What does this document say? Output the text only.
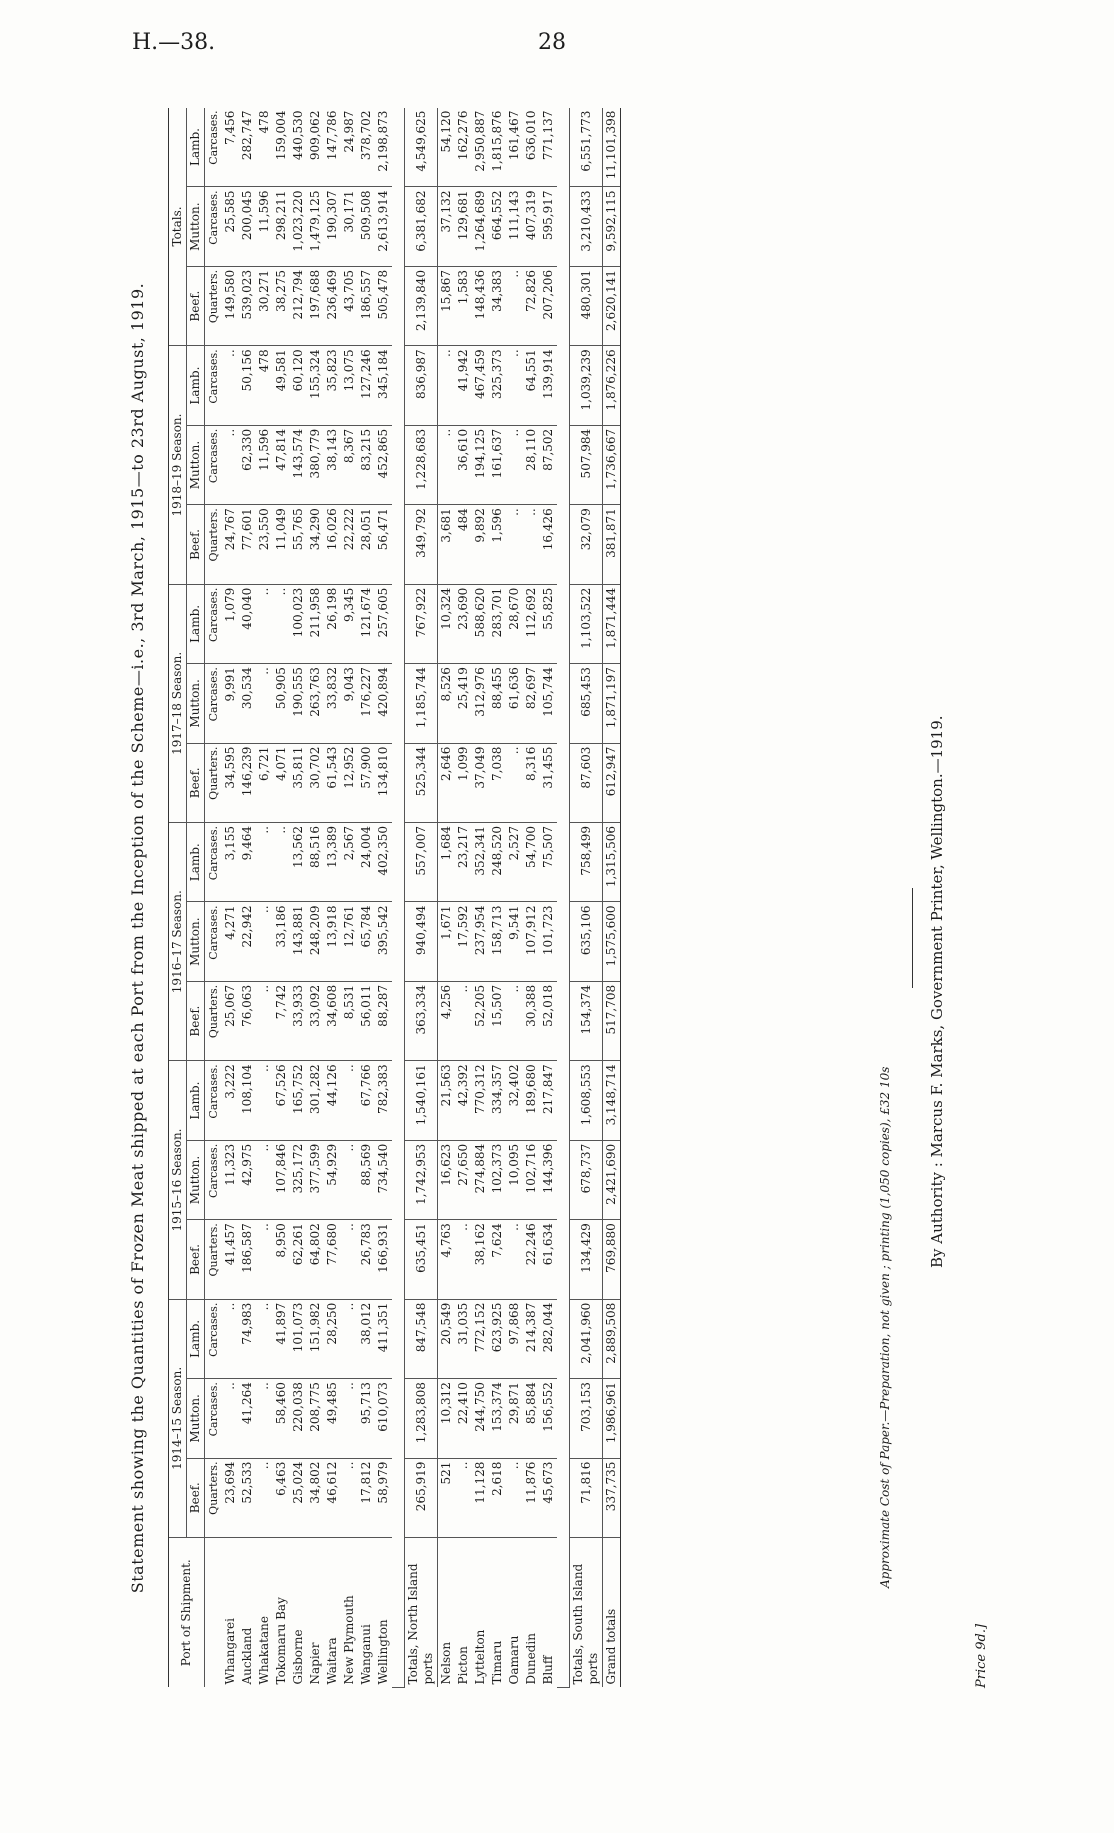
H.—38.	28
Statement showing the Quantities of Frozen Meat shipped at each Port from the Inception of the Scheme—i.e., 3rd March, 1915—to 23rd August, 1919.
Port of Shipment.	1914–15 Season.			1915–16 Season.			1916–17 Season.			1917–18 Season.			1918–19 Season.			Totals.		
	Beef.	Mutton.	Lamb.	Beef.	Mutton.	Lamb.	Beef.	Mutton.	Lamb.	Beef.	Mutton.	Lamb.	Beef.	Mutton.	Lamb.	Beef.	Mutton.	Lamb.
	Quarters.	Carcases.	Carcases.	Quarters.	Carcases.	Carcases.	Quarters.	Carcases.	Carcases.	Quarters.	Carcases.	Carcases.	Quarters.	Carcases.	Carcases.	Quarters.	Carcases.	Carcases.
Whangarei	23,694	..	..	41,457	11,323	3,222	25,067	4,271	3,155	34,595	9,991	1,079	24,767	..	..	149,580	25,585	7,456
Auckland	52,533	41,264	74,983	186,587	42,975	108,104	76,063	22,942	9,464	146,239	30,534	40,040	77,601	62,330	50,156	539,023	200,045	282,747
Whakatane	..	..	..	..	..	..	..	..	..	6,721	..	..	23,550	11,596	478	30,271	11,596	478
Tokomaru Bay	6,463	58,460	41,897	8,950	107,846	67,526	7,742	33,186	..	4,071	50,905	..	11,049	47,814	49,581	38,275	298,211	159,004
Gisborne	25,024	220,038	101,073	62,261	325,172	165,752	33,933	143,881	13,562	35,811	190,555	100,023	55,765	143,574	60,120	212,794	1,023,220	440,530
Napier	34,802	208,775	151,982	64,802	377,599	301,282	33,092	248,209	88,516	30,702	263,763	211,958	34,290	380,779	155,324	197,688	1,479,125	909,062
Waitara	46,612	49,485	28,250	77,680	54,929	44,126	34,608	13,918	13,389	61,543	33,832	26,198	16,026	38,143	35,823	236,469	190,307	147,786
New Plymouth	..	..	..	..	..	..	8,531	12,761	2,567	12,952	9,043	9,345	22,222	8,367	13,075	43,705	30,171	24,987
Wanganui	17,812	95,713	38,012	26,783	88,569	67,766	56,011	65,784	24,004	57,900	176,227	121,674	28,051	83,215	127,246	186,557	509,508	378,702
Wellington	58,979	610,073	411,351	166,931	734,540	782,383	88,287	395,542	402,350	134,810	420,894	257,605	56,471	452,865	345,184	505,478	2,613,914	2,198,873

Totals, North Island ports	265,919	1,283,808	847,548	635,451	1,742,953	1,540,161	363,334	940,494	557,007	525,344	1,185,744	767,922	349,792	1,228,683	836,987	2,139,840	6,381,682	4,549,625
Nelson	521	10,312	20,549	4,763	16,623	21,563	4,256	1,671	1,684	2,646	8,526	10,324	3,681	..	..	15,867	37,132	54,120
Picton	..	22,410	31,035	..	27,650	42,392	..	17,592	23,217	1,099	25,419	23,690	484	36,610	41,942	1,583	129,681	162,276
Lyttelton	11,128	244,750	772,152	38,162	274,884	770,312	52,205	237,954	352,341	37,049	312,976	588,620	9,892	194,125	467,459	148,436	1,264,689	2,950,887
Timaru	2,618	153,374	623,925	7,624	102,373	334,357	15,507	158,713	248,520	7,038	88,455	283,701	1,596	161,637	325,373	34,383	664,552	1,815,876
Oamaru	..	29,871	97,868	..	10,095	32,402	..	9,541	2,527	..	61,636	28,670	..	..	..	..	111,143	161,467
Dunedin	11,876	85,884	214,387	22,246	102,716	189,680	30,388	107,912	54,700	8,316	82,697	112,692	..	28,110	64,551	72,826	407,319	636,010
Bluff	45,673	156,552	282,044	61,634	144,396	217,847	52,018	101,723	75,507	31,455	105,744	55,825	16,426	87,502	139,914	207,206	595,917	771,137

Totals, South Island ports	71,816	703,153	2,041,960	134,429	678,737	1,608,553	154,374	635,106	758,499	87,603	685,453	1,103,522	32,079	507,984	1,039,239	480,301	3,210,433	6,551,773
Grand totals	337,735	1,986,961	2,889,508	769,880	2,421,690	3,148,714	517,708	1,575,600	1,315,506	612,947	1,871,197	1,871,444	381,871	1,736,667	1,876,226	2,620,141	9,592,115	11,101,398
Approximate Cost of Paper.—Preparation, not given ; printing (1,050 copies), £32 10s
By Authority : Marcus F. Marks, Government Printer, Wellington.—1919.
Price 9d.]
